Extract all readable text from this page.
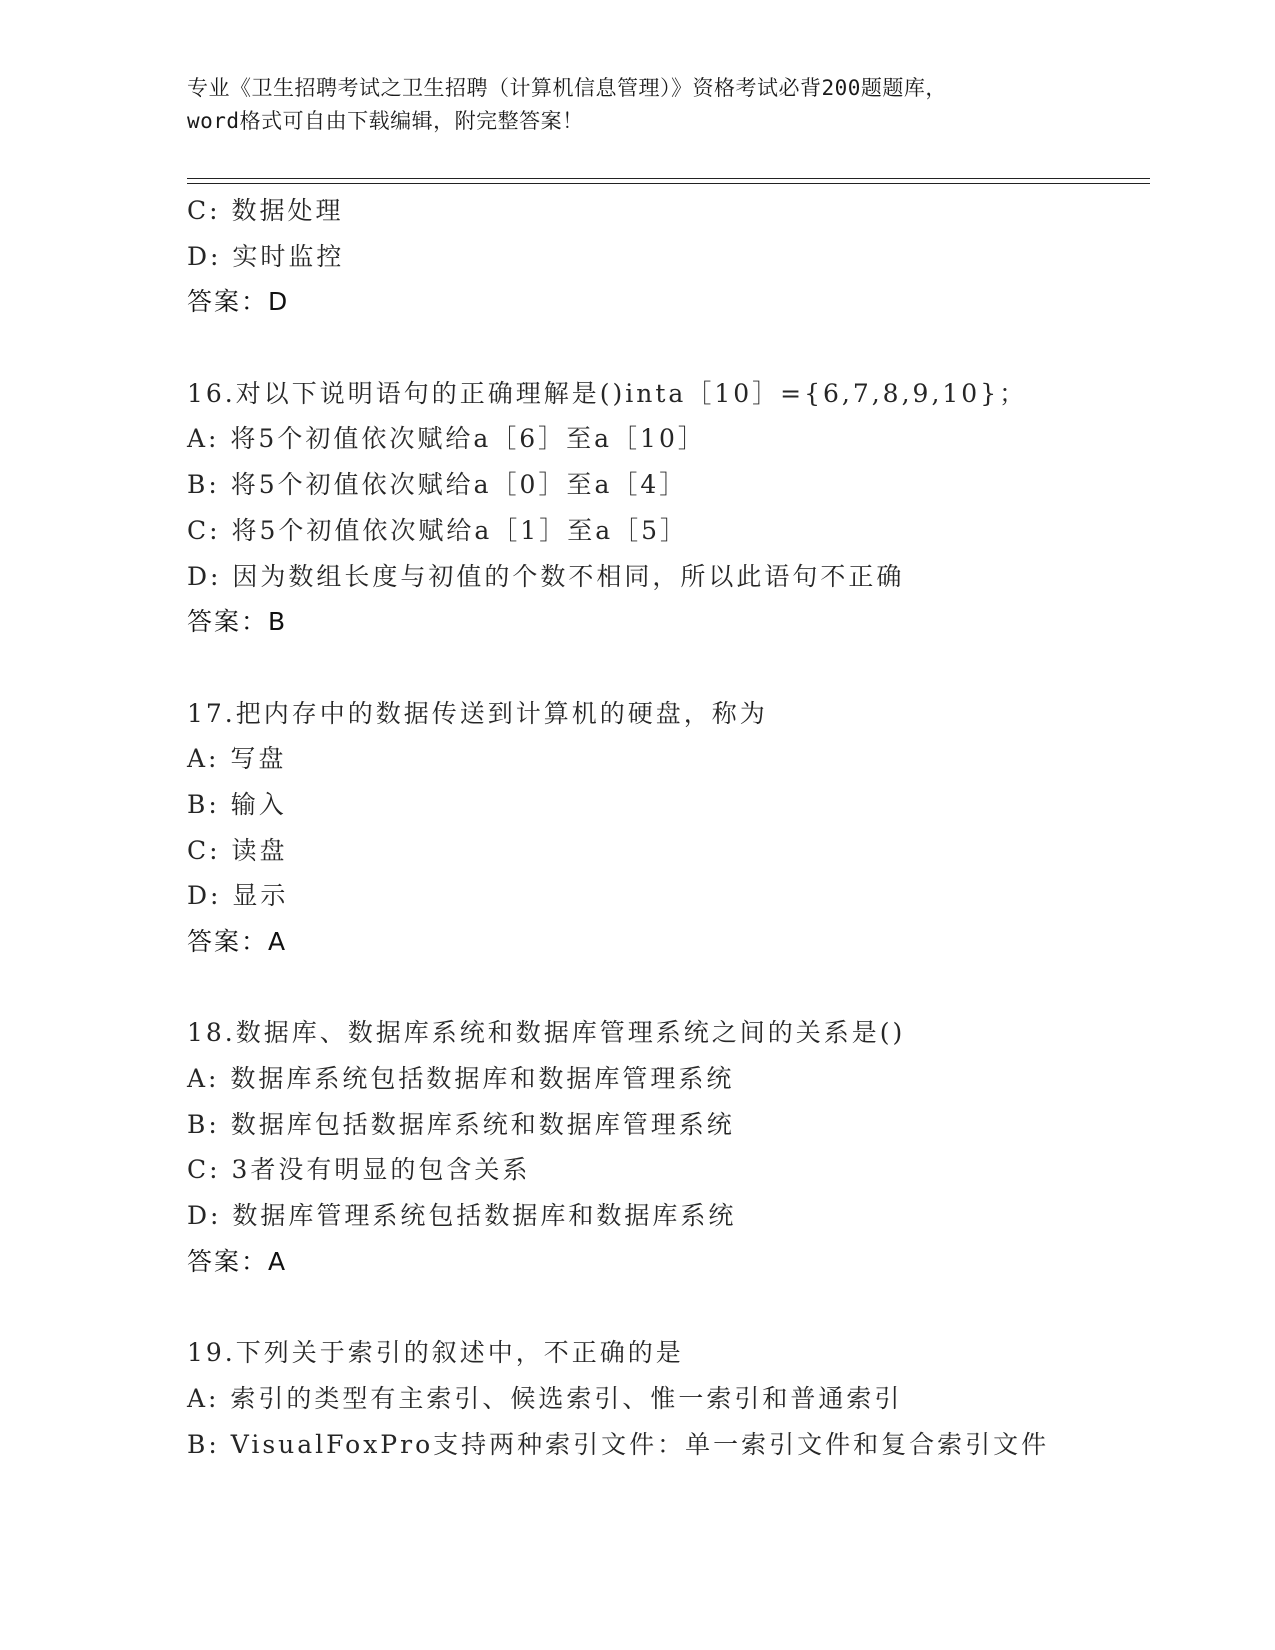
专业《卫生招聘考试之卫生招聘（计算机信息管理）》资格考试必背200题题库，
word格式可自由下载编辑，附完整答案！
C: 数据处理
D: 实时监控
答案：D
16.对以下说明语句的正确理解是()inta［10］={6,7,8,9,10}；
A: 将5个初值依次赋给a［6］至a［10］
B: 将5个初值依次赋给a［0］至a［4］
C: 将5个初值依次赋给a［1］至a［5］
D: 因为数组长度与初值的个数不相同，所以此语句不正确
答案：B
17.把内存中的数据传送到计算机的硬盘，称为
A: 写盘
B: 输入
C: 读盘
D: 显示
答案：A
18.数据库、数据库系统和数据库管理系统之间的关系是()
A: 数据库系统包括数据库和数据库管理系统
B: 数据库包括数据库系统和数据库管理系统
C: 3者没有明显的包含关系
D: 数据库管理系统包括数据库和数据库系统
答案：A
19.下列关于索引的叙述中，不正确的是
A: 索引的类型有主索引、候选索引、惟一索引和普通索引
B: VisualFoxPro支持两种索引文件：单一索引文件和复合索引文件
